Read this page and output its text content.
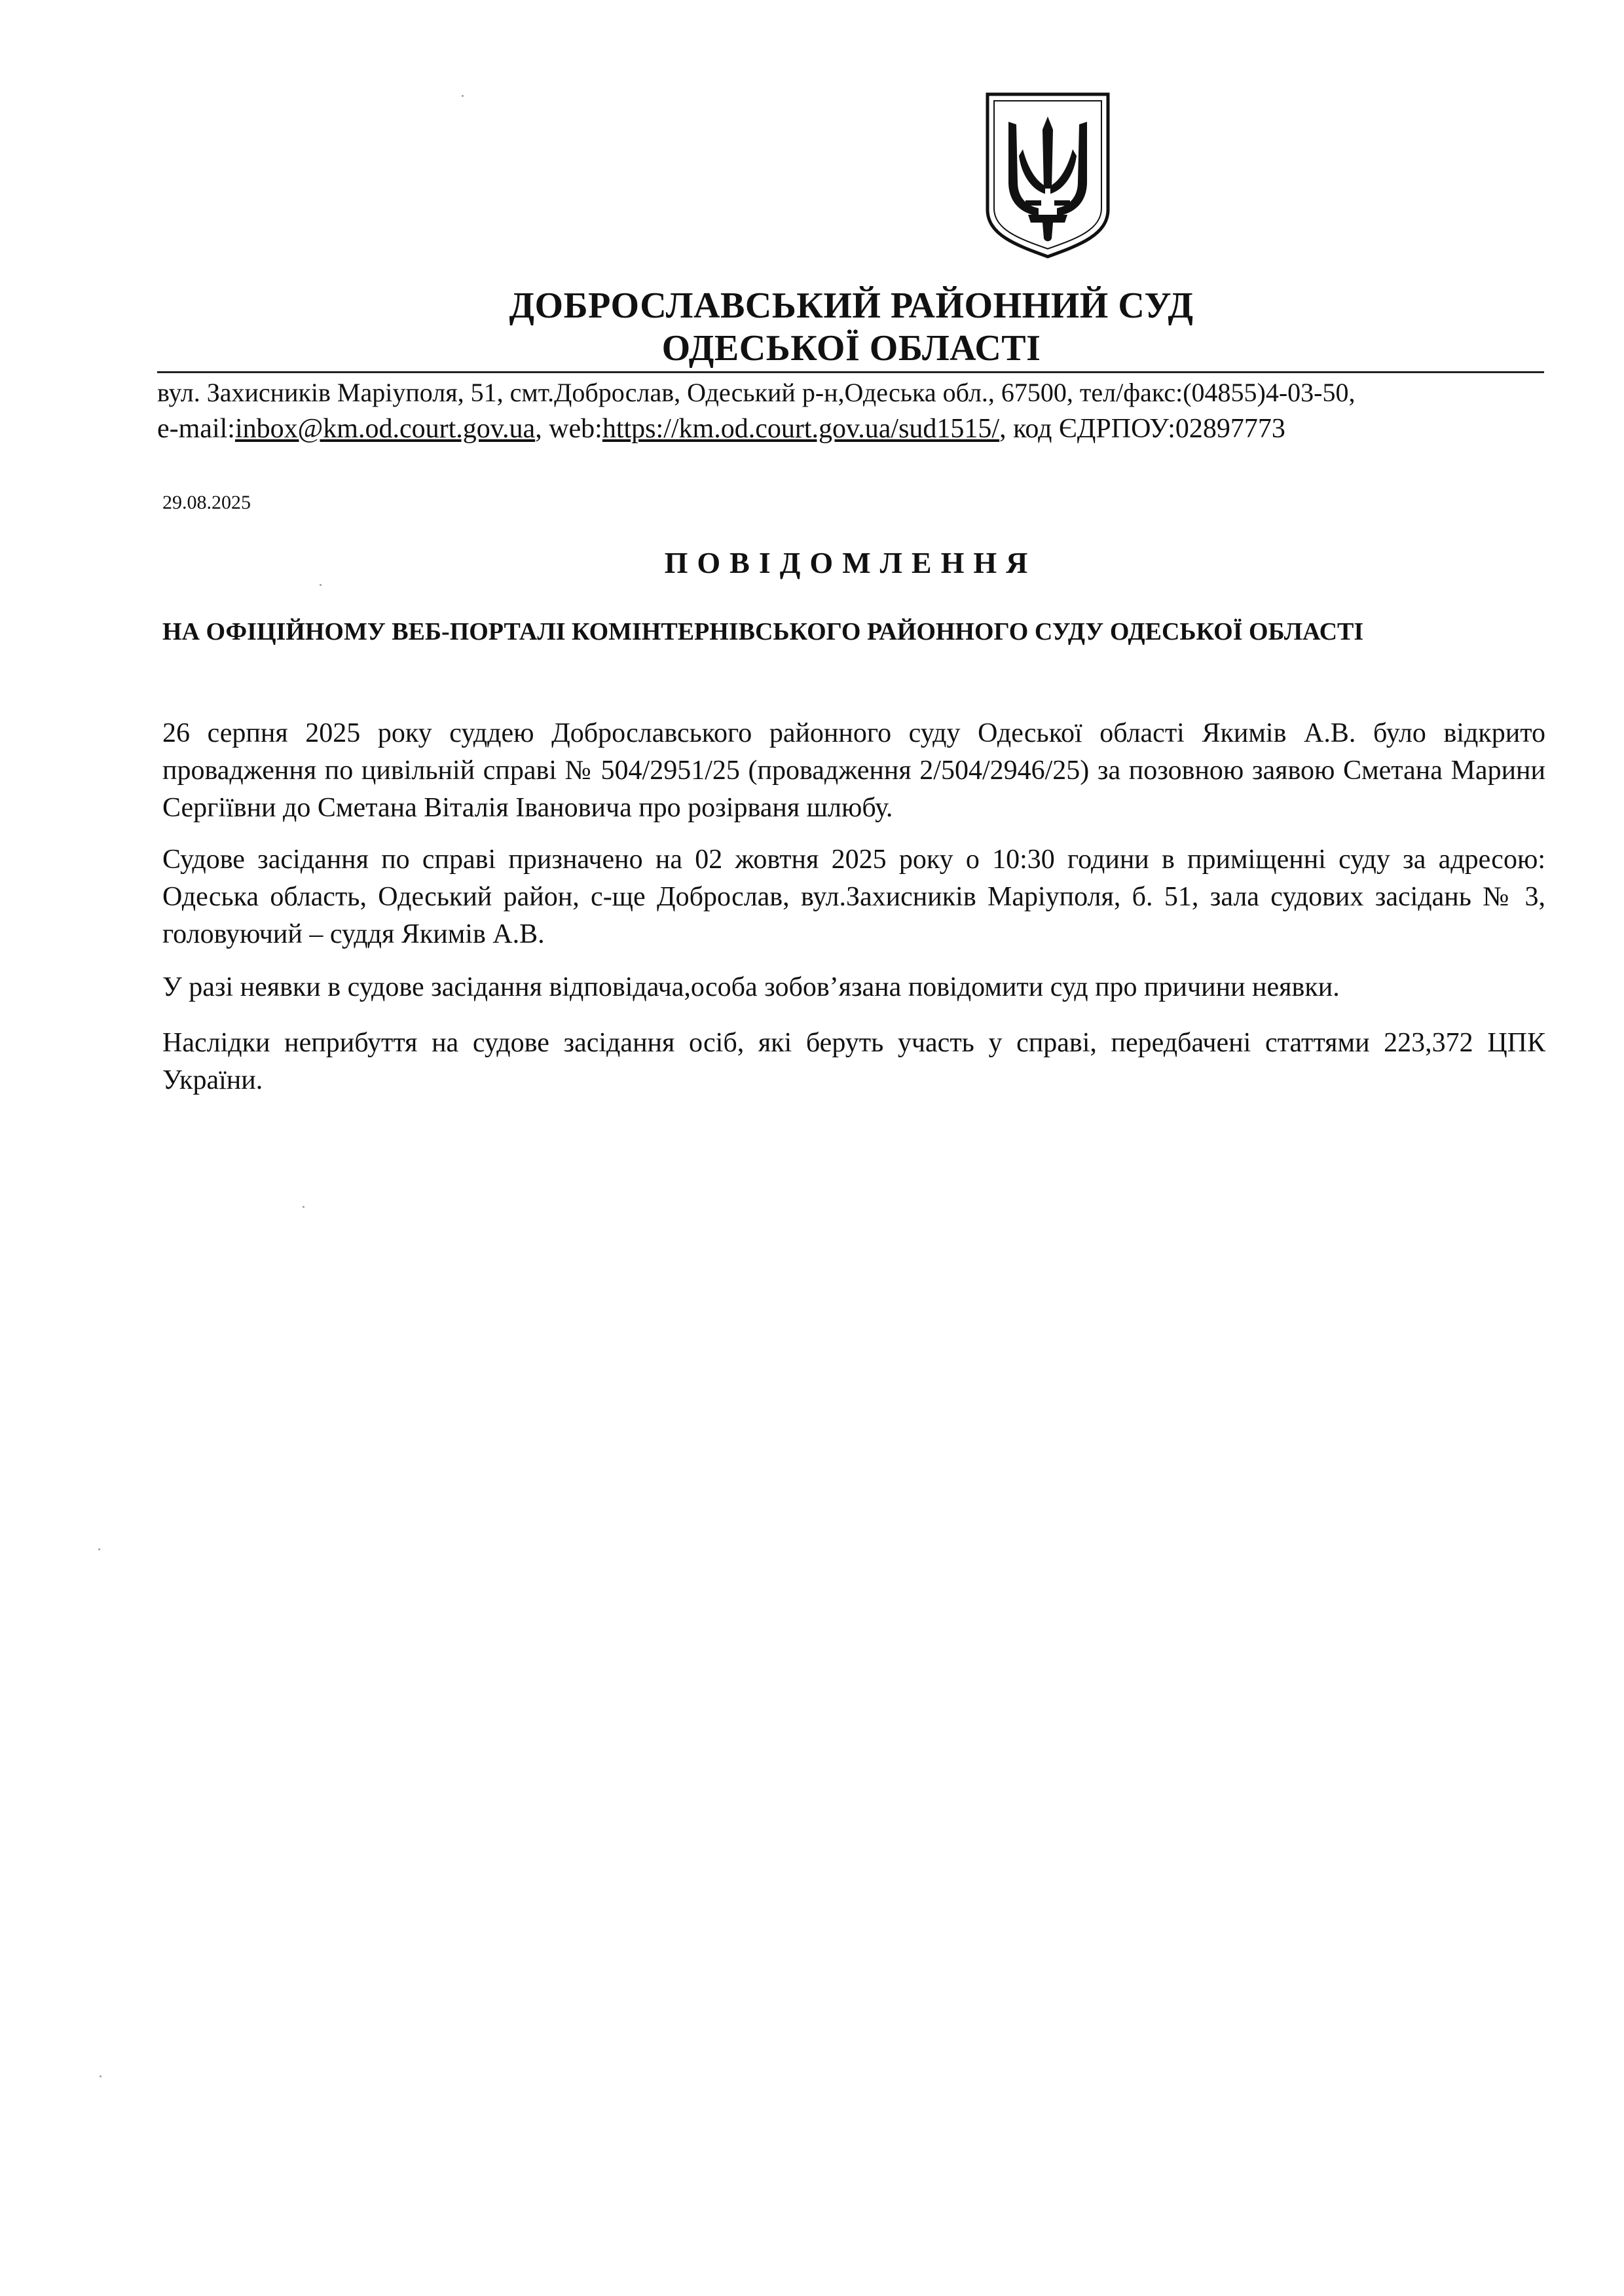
ДОБРОСЛАВСЬКИЙ РАЙОННИЙ СУД
ОДЕСЬКОЇ ОБЛАСТІ
вул. Захисників Маріуполя, 51, смт.Доброслав, Одеський р-н,Одеська обл., 67500, тел/факс:(04855)4-03-50,
e-mail:inbox@km.od.court.gov.ua, web:https://km.od.court.gov.ua/sud1515/, код ЄДРПОУ:02897773
29.08.2025
ПОВІДОМЛЕННЯ
НА ОФІЦІЙНОМУ ВЕБ-ПОРТАЛІ КОМІНТЕРНІВСЬКОГО РАЙОННОГО СУДУ ОДЕСЬКОЇ ОБЛАСТІ
26 серпня 2025 року суддею Доброславського районного суду Одеської області Якимів А.В. було відкрито провадження по цивільній справі № 504/2951/25 (провадження 2/504/2946/25) за позовною заявою Сметана Марини Сергіївни до Сметана Віталія Івановича про розірваня шлюбу.
Судове засідання по справі призначено на 02 жовтня 2025 року о 10:30 години в приміщенні суду за адресою: Одеська область, Одеський район, с-ще Доброслав, вул.Захисників Маріуполя, б. 51, зала судових засідань № 3, головуючий – суддя Якимів А.В.
У разі неявки в судове засідання відповідача,особа зобов’язана повідомити суд про причини неявки.
Наслідки неприбуття на судове засідання осіб, які беруть участь у справі, передбачені статтями 223,372 ЦПК України.
